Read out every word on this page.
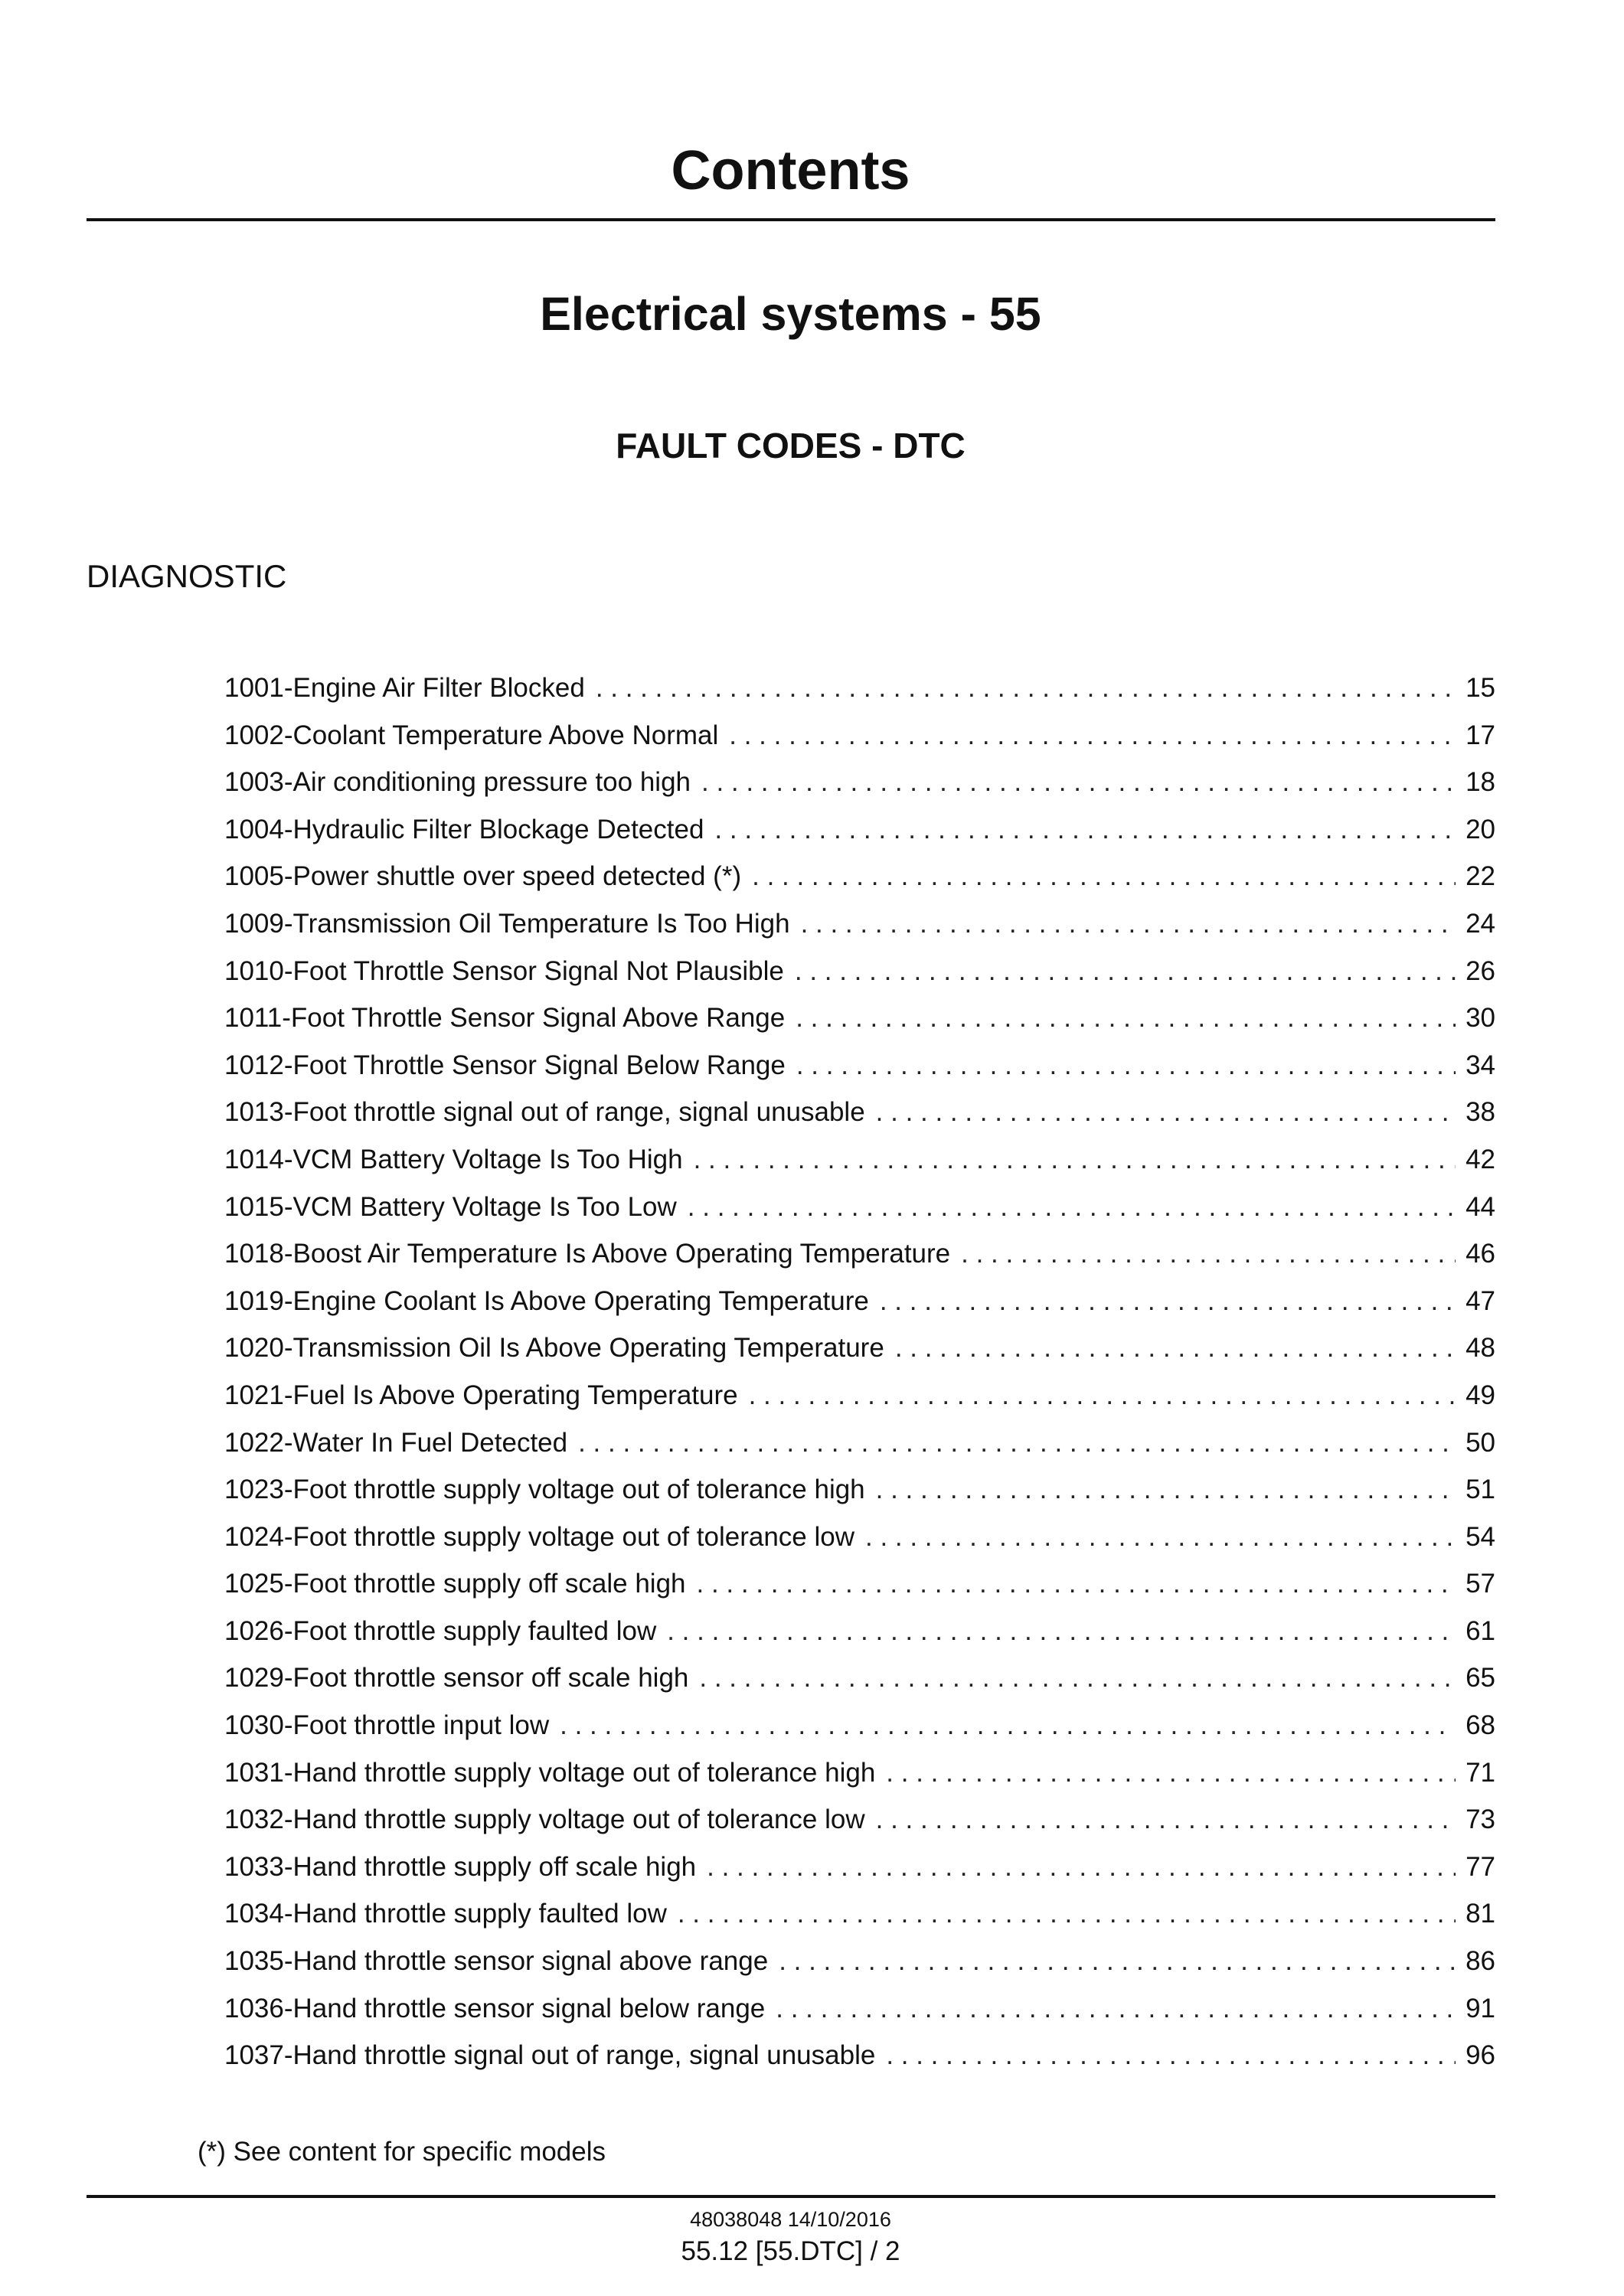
Contents
Electrical systems - 55
FAULT CODES - DTC
DIAGNOSTIC
1001-Engine Air Filter Blocked . . .	15
1002-Coolant Temperature Above Normal . . .	17
1003-Air conditioning pressure too high . . .	18
1004-Hydraulic Filter Blockage Detected . . .	20
1005-Power shuttle over speed detected (*) . . .	22
1009-Transmission Oil Temperature Is Too High . . .	24
1010-Foot Throttle Sensor Signal Not Plausible . . .	26
1011-Foot Throttle Sensor Signal Above Range . . .	30
1012-Foot Throttle Sensor Signal Below Range . . .	34
1013-Foot throttle signal out of range, signal unusable . . .	38
1014-VCM Battery Voltage Is Too High . . .	42
1015-VCM Battery Voltage Is Too Low . . .	44
1018-Boost Air Temperature Is Above Operating Temperature . . .	46
1019-Engine Coolant Is Above Operating Temperature . . .	47
1020-Transmission Oil Is Above Operating Temperature . . .	48
1021-Fuel Is Above Operating Temperature . . .	49
1022-Water In Fuel Detected . . .	50
1023-Foot throttle supply voltage out of tolerance high . . .	51
1024-Foot throttle supply voltage out of tolerance low . . .	54
1025-Foot throttle supply off scale high . . .	57
1026-Foot throttle supply faulted low . . .	61
1029-Foot throttle sensor off scale high . . .	65
1030-Foot throttle input low . . .	68
1031-Hand throttle supply voltage out of tolerance high . . .	71
1032-Hand throttle supply voltage out of tolerance low . . .	73
1033-Hand throttle supply off scale high . . .	77
1034-Hand throttle supply faulted low . . .	81
1035-Hand throttle sensor signal above range . . .	86
1036-Hand throttle sensor signal below range . . .	91
1037-Hand throttle signal out of range, signal unusable . . .	96
(*) See content for specific models
48038048 14/10/2016
55.12 [55.DTC] / 2
